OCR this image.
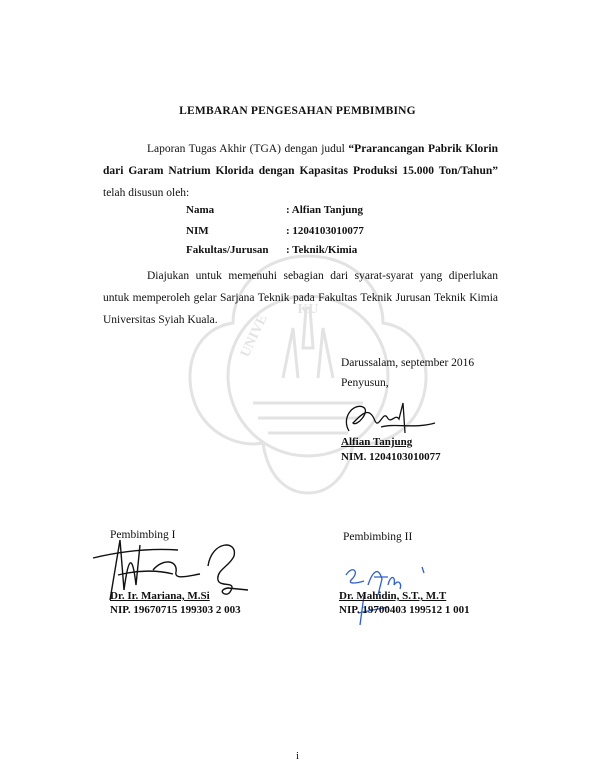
KU
UNIVE
LEMBARAN PENGESAHAN PEMBIMBING
Laporan Tugas Akhir (TGA) dengan judul “Prarancangan Pabrik Klorin dari Garam Natrium Klorida dengan Kapasitas Produksi 15.000 Ton/Tahun” telah disusun oleh:
Nama	: Alfian Tanjung
NIM	: 1204103010077
Fakultas/Jurusan : Teknik/Kimia
Diajukan untuk memenuhi sebagian dari syarat-syarat yang diperlukan untuk memperoleh gelar Sarjana Teknik pada Fakultas Teknik Jurusan Teknik Kimia Universitas Syiah Kuala.
Darussalam, september 2016
Penyusun,
Alfian Tanjung
NIM. 1204103010077
Pembimbing I	Pembimbing II
Dr. Ir. Mariana, M.Si
NIP. 19670715 199303 2 003
Dr. Mahidin, S.T., M.T
NIP. 19700403 199512 1 001
i
